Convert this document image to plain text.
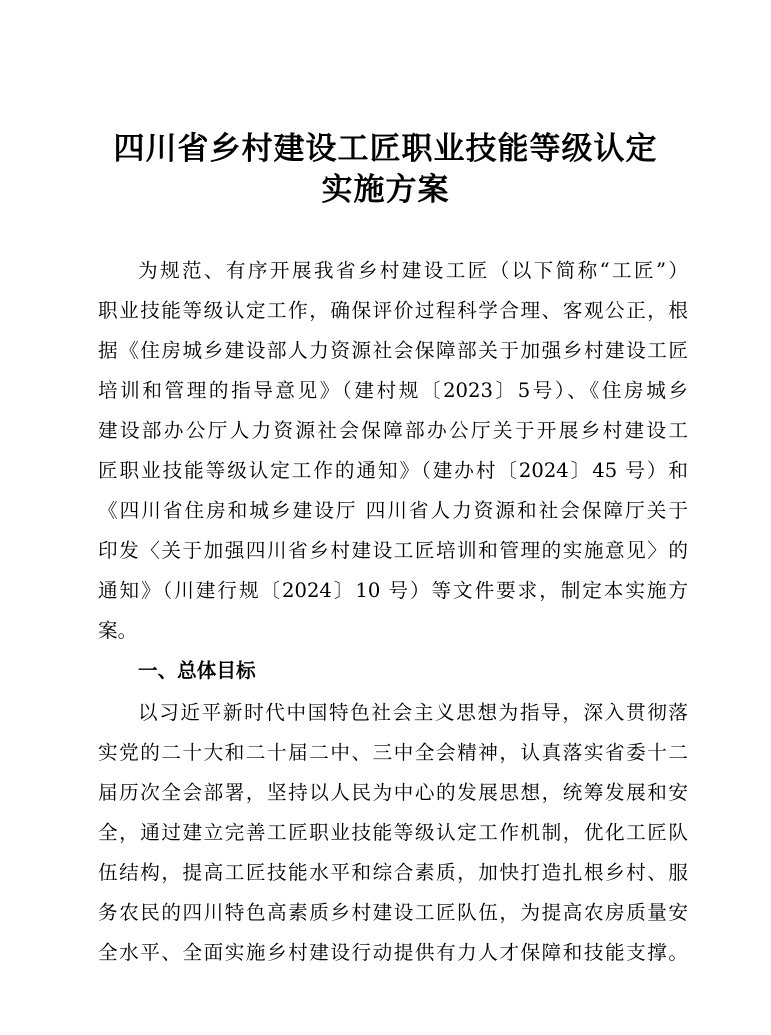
四川省乡村建设工匠职业技能等级认定
实施方案
为规范、有序开展我省乡村建设工匠（以下简称“工匠”）
职业技能等级认定工作，确保评价过程科学合理、客观公正，根
据《住房城乡建设部人力资源社会保障部关于加强乡村建设工匠
培训和管理的指导意见》（建村规〔2023〕5号）、《住房城乡
建设部办公厅人力资源社会保障部办公厅关于开展乡村建设工
匠职业技能等级认定工作的通知》（建办村〔2024〕45 号）和
《四川省住房和城乡建设厅 四川省人力资源和社会保障厅关于
印发〈关于加强四川省乡村建设工匠培训和管理的实施意见〉的
通知》（川建行规〔2024〕10 号）等文件要求，制定本实施方
案。
一、总体目标
以习近平新时代中国特色社会主义思想为指导，深入贯彻落
实党的二十大和二十届二中、三中全会精神，认真落实省委十二
届历次全会部署，坚持以人民为中心的发展思想，统筹发展和安
全，通过建立完善工匠职业技能等级认定工作机制，优化工匠队
伍结构，提高工匠技能水平和综合素质，加快打造扎根乡村、服
务农民的四川特色高素质乡村建设工匠队伍，为提高农房质量安
全水平、全面实施乡村建设行动提供有力人才保障和技能支撑。
